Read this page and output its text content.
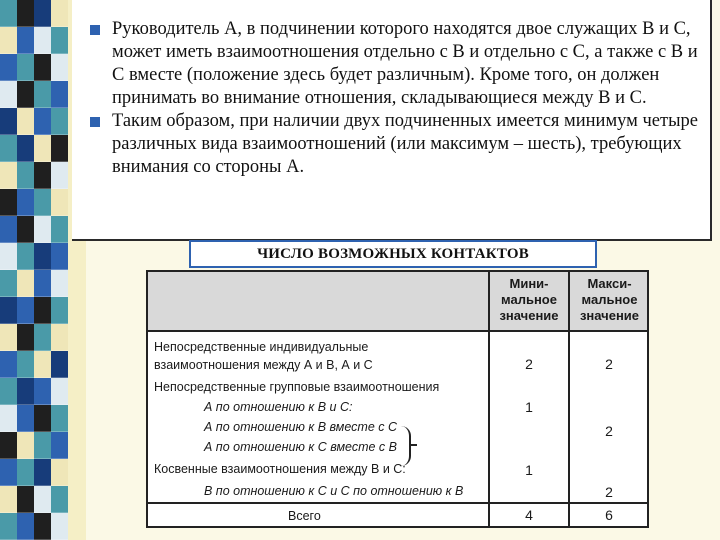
Руководитель А, в подчинении которого находятся двое служащих В и С, может иметь взаимоотношения отдельно с В и отдельно с С, а также с В и С вместе (положение здесь будет различным). Кроме того, он должен принимать во внимание отношения, складывающиеся между В и С.
Таким образом, при наличии двух подчиненных имеется минимум четыре различных вида взаимоотношений (или максимум – шесть), требующих внимания со стороны А.
ЧИСЛО ВОЗМОЖНЫХ КОНТАКТОВ
Мини-
мальное
значение
Макси-
мальное
значение
Непосредственные индивидуальные
взаимоотношения между А и В, А и С
Непосредственные групповые взаимоотношения
А по отношению к В и С:
А по отношению к В вместе с С
А по отношению к С вместе с В
Косвенные взаимоотношения между В и С:
В по отношению к С и С по отношению к В
Всего
2
1
1
4
2
2
2
6
